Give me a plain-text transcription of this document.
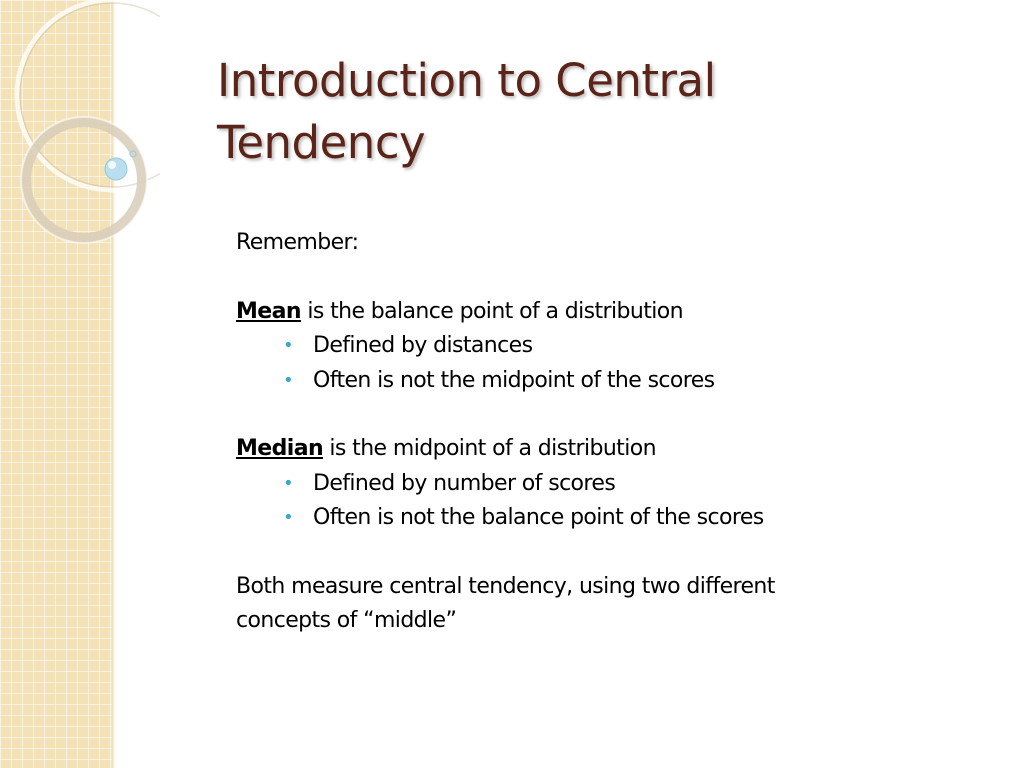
Introduction to Central Tendency
Remember:
Mean is the balance point of a distribution
• Defined by distances
• Often is not the midpoint of the scores
Median is the midpoint of a distribution
• Defined by number of scores
• Often is not the balance point of the scores
Both measure central tendency, using two different
concepts of “middle”
